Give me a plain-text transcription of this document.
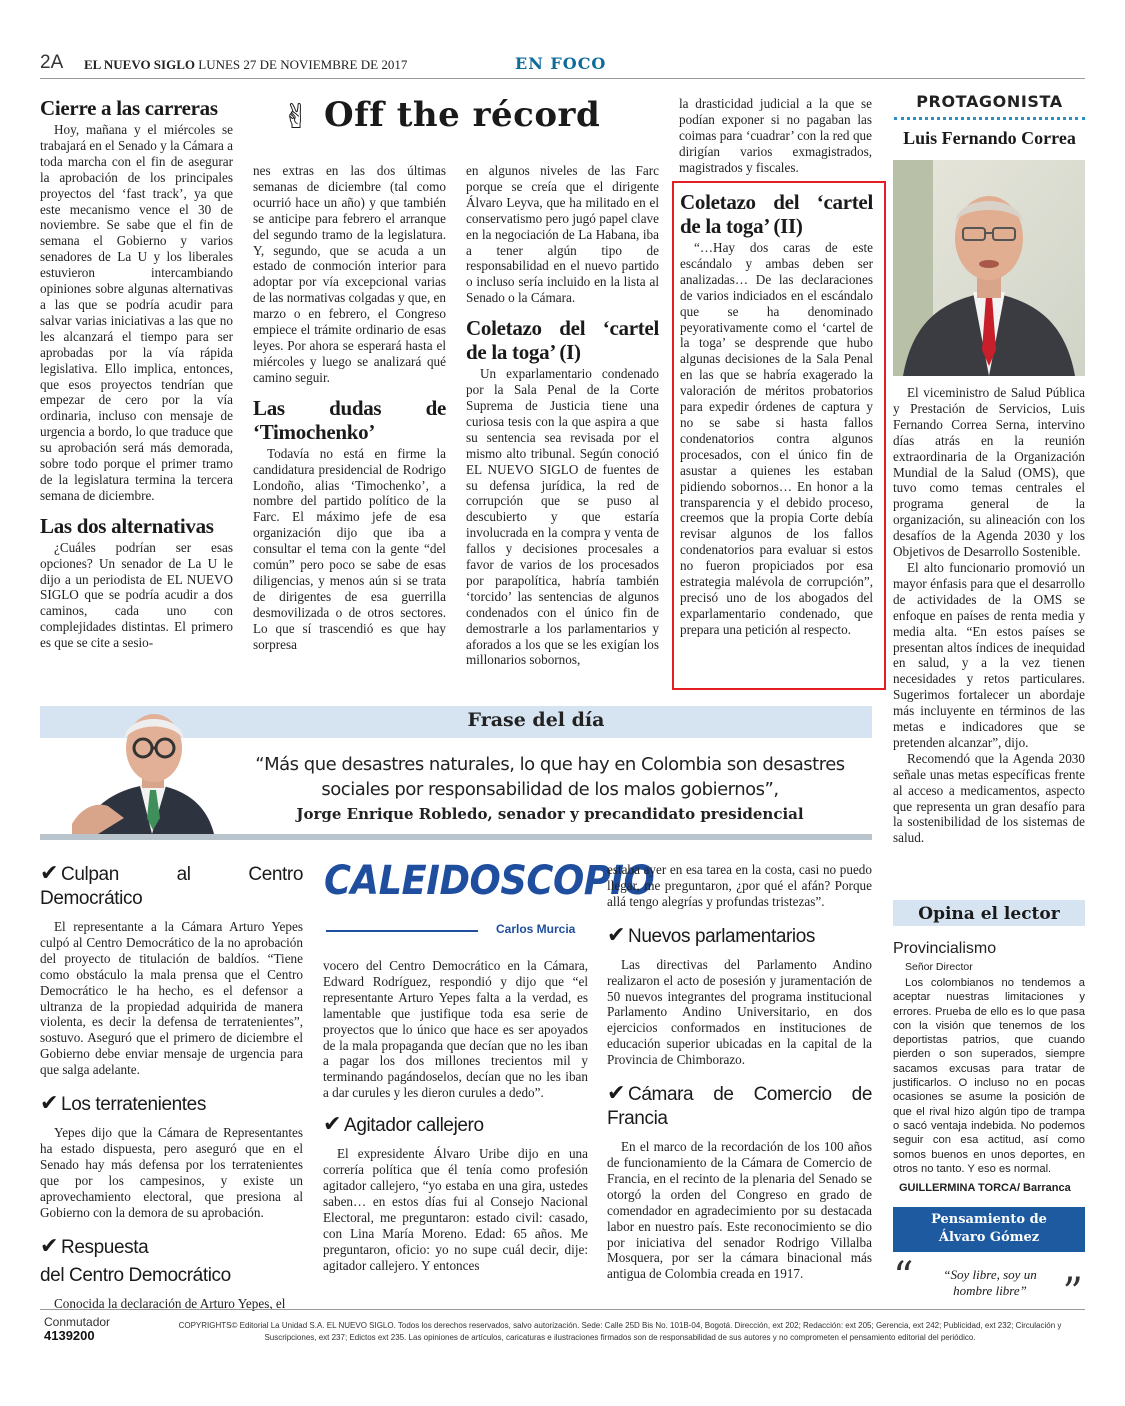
2A EL NUEVO SIGLO LUNES 27 DE NOVIEMBRE DE 2017	EN FOCO
✌ Off the récord
Cierre a las carreras

Hoy, mañana y el miércoles se trabajará en el Senado y la Cámara a toda marcha con el fin de asegurar la aprobación de los principales proyectos del ‘fast track’, ya que este mecanismo vence el 30 de noviembre. Se sabe que el fin de semana el Gobierno y varios senadores de La U y los liberales estuvieron intercambiando opiniones sobre algunas alternativas a las que se podría acudir para salvar varias iniciativas a las que no les alcanzará el tiempo para ser aprobadas por la vía rápida legislativa. Ello implica, entonces, que esos proyectos tendrían que empezar de cero por la vía ordinaria, incluso con mensaje de urgencia a bordo, lo que traduce que su aprobación será más demorada, sobre todo porque el primer tramo de la legislatura termina la tercera semana de diciembre.

Las dos alternativas

¿Cuáles podrían ser esas opciones? Un senador de La U le dijo a un periodista de EL NUEVO SIGLO que se podría acudir a dos caminos, cada uno con complejidades distintas. El primero es que se cite a sesio-

nes extras en las dos últimas semanas de diciembre (tal como ocurrió hace un año) y que también se anticipe para febrero el arranque del segundo tramo de la legislatura. Y, segundo, que se acuda a un estado de conmoción interior para adoptar por vía excepcional varias de las normativas colgadas y que, en marzo o en febrero, el Congreso empiece el trámite ordinario de esas leyes. Por ahora se esperará hasta el miércoles y luego se analizará qué camino seguir.

Las dudas de ‘Timochenko’

Todavía no está en firme la candidatura presidencial de Rodrigo Londoño, alias ‘Timochenko’, a nombre del partido político de la Farc. El máximo jefe de esa organización dijo que iba a consultar el tema con la gente “del común” pero poco se sabe de esas diligencias, y menos aún si se trata de dirigentes de esa guerrilla desmovilizada o de otros sectores. Lo que sí trascendió es que hay sorpresa

en algunos niveles de las Farc porque se creía que el dirigente Álvaro Leyva, que ha militado en el conservatismo pero jugó papel clave en la negociación de La Habana, iba a tener algún tipo de responsabilidad en el nuevo partido o incluso sería incluido en la lista al Senado o la Cámara.

Coletazo del ‘cartel de la toga’ (I)

Un exparlamentario condenado por la Sala Penal de la Corte Suprema de Justicia tiene una curiosa tesis con la que aspira a que su sentencia sea revisada por el mismo alto tribunal. Según conoció EL NUEVO SIGLO de fuentes de su defensa jurídica, la red de corrupción que se puso al descubierto y que estaría involucrada en la compra y venta de fallos y decisiones procesales a favor de varios de los procesados por parapolítica, habría también ‘torcido’ las sentencias de algunos condenados con el único fin de demostrarle a los parlamentarios y aforados a los que se les exigían los millonarios sobornos,

la drasticidad judicial a la que se podían exponer si no pagaban las coimas para ‘cuadrar’ con la red que dirigían varios exmagistrados, magistrados y fiscales.

Coletazo del ‘cartel de la toga’ (II)

“…Hay dos caras de este escándalo y ambas deben ser analizadas… De las declaraciones de varios indiciados en el escándalo que se ha denominado peyorativamente como el ‘cartel de la toga’ se desprende que hubo algunas decisiones de la Sala Penal en las que se habría exagerado la valoración de méritos probatorios para expedir órdenes de captura y no se sabe si hasta fallos condenatorios contra algunos procesados, con el único fin de asustar a quienes les estaban pidiendo sobornos… En honor a la transparencia y el debido proceso, creemos que la propia Corte debía revisar algunos de los fallos condenatorios para evaluar si estos no fueron propiciados por esa estrategia malévola de corrupción”, precisó uno de los abogados del exparlamentario condenado, que prepara una petición al respecto.

PROTAGONISTA
Luis Fernando Correa

El viceministro de Salud Pública y Prestación de Servicios, Luis Fernando Correa Serna, intervino días atrás en la reunión extraordinaria de la Organización Mundial de la Salud (OMS), que tuvo como temas centrales el programa general de la organización, su alineación con los desafíos de la Agenda 2030 y los Objetivos de Desarrollo Sostenible.

El alto funcionario promovió un mayor énfasis para que el desarrollo de actividades de la OMS se enfoque en países de renta media y media alta. “En estos países se presentan altos índices de inequidad en salud, y a la vez tienen necesidades y retos particulares. Sugerimos fortalecer un abordaje más incluyente en términos de las metas e indicadores que se pretenden alcanzar”, dijo.

Recomendó que la Agenda 2030 señale unas metas específicas frente al acceso a medicamentos, aspecto que representa un gran desafío para la sostenibilidad de los sistemas de salud.

Frase del día
“Más que desastres naturales, lo que hay en Colombia son desastres sociales por responsabilidad de los malos gobiernos”,
Jorge Enrique Robledo, senador y precandidato presidencial
✔ Culpan al Centro Democrático

El representante a la Cámara Arturo Yepes culpó al Centro Democrático de la no aprobación del proyecto de titulación de baldíos. “Tiene como obstáculo la mala prensa que el Centro Democrático le ha hecho, es el defensor a ultranza de la propiedad adquirida de manera violenta, es decir la defensa de terratenientes”, sostuvo. Aseguró que el primero de diciembre el Gobierno debe enviar mensaje de urgencia para que salga adelante.

✔ Los terratenientes

Yepes dijo que la Cámara de Representantes ha estado dispuesta, pero aseguró que en el Senado hay más defensa por los terratenientes que por los campesinos, y existe un aprovechamiento electoral, que presiona al Gobierno con la demora de su aprobación.

✔ Respuesta
del Centro Democrático

Conocida la declaración de Arturo Yepes, el

CALEIDOSCOPIO
Carlos Murcia

vocero del Centro Democrático en la Cámara, Edward Rodríguez, respondió y dijo que “el representante Arturo Yepes falta a la verdad, es lamentable que justifique toda esa serie de proyectos que lo único que hace es ser apoyados de la mala propaganda que decían que no les iban a pagar los dos millones trecientos mil y terminando pagándoselos, decían que no les iban a dar curules y les dieron curules a dedo”.

✔ Agitador callejero

El expresidente Álvaro Uribe dijo en una correría política que él tenía como profesión agitador callejero, “yo estaba en una gira, ustedes saben… en estos días fui al Consejo Nacional Electoral, me preguntaron: estado civil: casado, con Lina María Moreno. Edad: 65 años. Me preguntaron, oficio: yo no supe cuál decir, dije: agitador callejero. Y entonces

estaba ayer en esa tarea en la costa, casi no puedo llegar, me preguntaron, ¿por qué el afán? Porque allá tengo alegrías y profundas tristezas”.

✔ Nuevos parlamentarios

Las directivas del Parlamento Andino realizaron el acto de posesión y juramentación de 50 nuevos integrantes del programa institucional Parlamento Andino Universitario, en dos ejercicios conformados en instituciones de educación superior ubicadas en la capital de la Provincia de Chimborazo.

✔ Cámara de Comercio de Francia

En el marco de la recordación de los 100 años de funcionamiento de la Cámara de Comercio de Francia, en el recinto de la plenaria del Senado se otorgó la orden del Congreso en grado de comendador en agradecimiento por su destacada labor en nuestro país. Este reconocimiento se dio por iniciativa del senador Rodrigo Villalba Mosquera, por ser la cámara binacional más antigua de Colombia creada en 1917.

Opina el lector
Provincialismo
Señor Director

Los colombianos no tendemos a aceptar nuestras limitaciones y errores. Prueba de ello es lo que pasa con la visión que tenemos de los deportistas patrios, que cuando pierden o son superados, siempre sacamos excusas para tratar de justificarlos. O incluso no en pocas ocasiones se asume la posición de que el rival hizo algún tipo de trampa o sacó ventaja indebida. No podemos seguir con esa actitud, así como somos buenos en unos deportes, en otros no tanto. Y eso es normal.

GUILLERMINA TORCA/ Barranca
Pensamiento de
Álvaro Gómez
“	“Soy libre, soy un hombre libre” ”
Conmutador
4139200
COPYRIGHTS© Editorial La Unidad S.A. EL NUEVO SIGLO. Todos los derechos reservados, salvo autorización. Sede: Calle 25D Bis No. 101B-04, Bogotá. Dirección, ext 202; Redacción: ext 205; Gerencia, ext 242; Publicidad, ext 232; Circulación y Suscripciones, ext 237; Edictos ext 235. Las opiniones de artículos, caricaturas e ilustraciones firmados son de responsabilidad de sus autores y no comprometen el pensamiento editorial del periódico.
